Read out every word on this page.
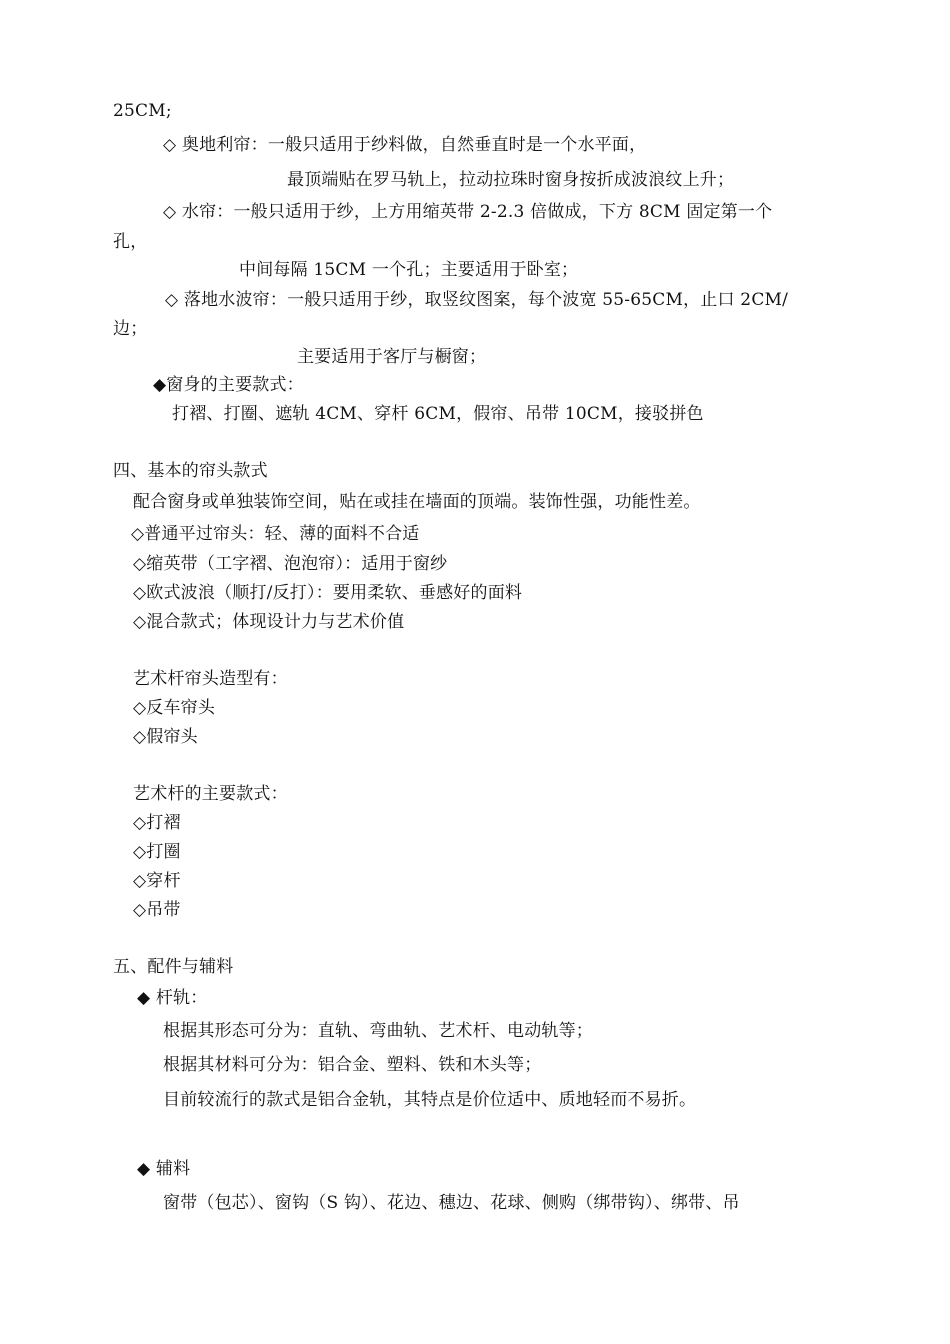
25CM;
◇ 奥地利帘：一般只适用于纱料做，自然垂直时是一个水平面，
最顶端贴在罗马轨上，拉动拉珠时窗身按折成波浪纹上升；
◇ 水帘：一般只适用于纱，上方用缩英带 2-2.3 倍做成，下方 8CM 固定第一个
孔，
中间每隔 15CM 一个孔；主要适用于卧室；
◇ 落地水波帘：一般只适用于纱，取竖纹图案，每个波宽 55-65CM，止口 2CM/
边；
主要适用于客厅与橱窗；
◆窗身的主要款式：
打褶、打圈、遮轨 4CM、穿杆 6CM，假帘、吊带 10CM，接驳拼色
四、基本的帘头款式
配合窗身或单独装饰空间，贴在或挂在墙面的顶端。装饰性强，功能性差。
◇普通平过帘头：轻、薄的面料不合适
◇缩英带（工字褶、泡泡帘）：适用于窗纱
◇欧式波浪（顺打/反打）：要用柔软、垂感好的面料
◇混合款式；体现设计力与艺术价值
艺术杆帘头造型有：
◇反车帘头
◇假帘头
艺术杆的主要款式：
◇打褶
◇打圈
◇穿杆
◇吊带
五、配件与辅料
◆ 杆轨：
根据其形态可分为：直轨、弯曲轨、艺术杆、电动轨等；
根据其材料可分为：铝合金、塑料、铁和木头等；
目前较流行的款式是铝合金轨，其特点是价位适中、质地轻而不易折。
◆ 辅料
窗带（包芯）、窗钩（S 钩）、花边、穗边、花球、侧购（绑带钩）、绑带、吊
